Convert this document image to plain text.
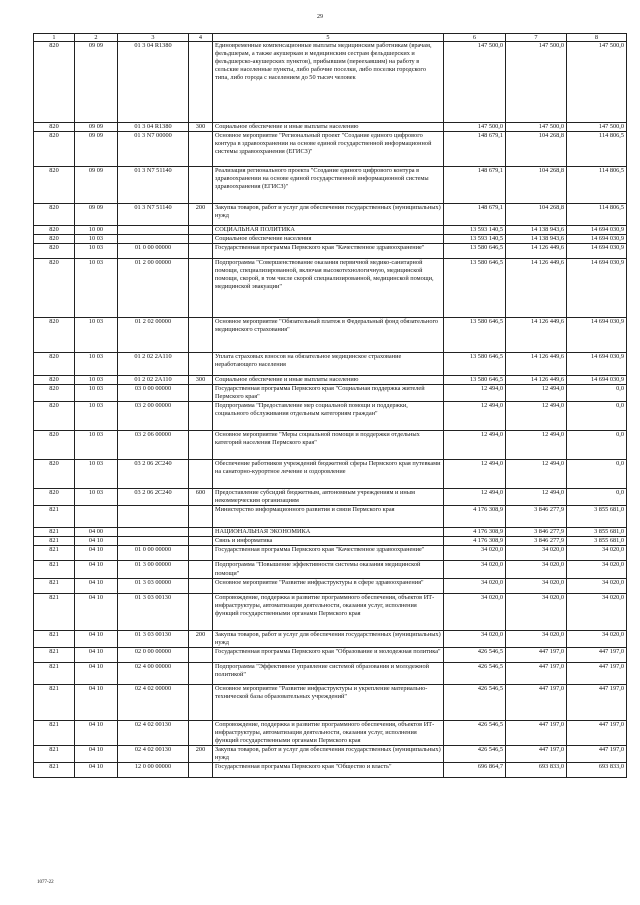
29
1	2	3	4	5	6	7	8
820	09 09	01 3 04 R1380		Единовременные компенсационные выплаты медицинским работникам (врачам, фельдшерам, а также акушеркам и медицинским сестрам фельдшерских и фельдшерско-акушерских пунктов), прибывшим (переехавшим) на работу в сельские населенные пункты, либо рабочие поселки, либо поселки городского типа, либо города с населением до 50 тысяч человек	147 500,0	147 500,0	147 500,0
820	09 09	01 3 04 R1380	300	Социальное обеспечение и иные выплаты населению	147 500,0	147 500,0	147 500,0
820	09 09	01 3 N7 00000		Основное мероприятие "Региональный проект "Создание единого цифрового контура в здравоохранении на основе единой государственной информационной системы здравоохранения (ЕГИСЗ)"	148 679,1	104 268,8	114 806,5
820	09 09	01 3 N7 51140		Реализация регионального проекта "Создание единого цифрового контура в здравоохранении на основе единой государственной информационной системы здравоохранения (ЕГИСЗ)"	148 679,1	104 268,8	114 806,5
820	09 09	01 3 N7 51140	200	Закупка товаров, работ и услуг для обеспечения государственных (муниципальных) нужд	148 679,1	104 268,8	114 806,5
820	10 00			СОЦИАЛЬНАЯ ПОЛИТИКА	13 593 140,5	14 138 943,6	14 694 030,9
820	10 03			Социальное обеспечение населения	13 593 140,5	14 138 943,6	14 694 030,9
820	10 03	01 0 00 00000		Государственная программа Пермского края "Качественное здравоохранение"	13 580 646,5	14 126 449,6	14 694 030,9
820	10 03	01 2 00 00000		Подпрограмма "Совершенствование оказания первичной медико-санитарной помощи, специализированной, включая высокотехнологичную, медицинской помощи, скорой, в том числе скорой специализированной, медицинской помощи, медицинской эвакуации"	13 580 646,5	14 126 449,6	14 694 030,9
820	10 03	01 2 02 00000		Основное мероприятие "Обязательный платеж в Федеральный фонд обязательного медицинского страхования"	13 580 646,5	14 126 449,6	14 694 030,9
820	10 03	01 2 02 2A110		Уплата страховых взносов на обязательное медицинское страхование неработающего населения	13 580 646,5	14 126 449,6	14 694 030,9
820	10 03	01 2 02 2A110	300	Социальное обеспечение и иные выплаты населению	13 580 646,5	14 126 449,6	14 694 030,9
820	10 03	03 0 00 00000		Государственная программа Пермского края "Социальная поддержка жителей Пермского края"	12 494,0	12 494,0	0,0
820	10 03	03 2 00 00000		Подпрограмма "Предоставление мер социальной помощи и поддержки, социального обслуживания отдельным категориям граждан"	12 494,0	12 494,0	0,0
820	10 03	03 2 06 00000		Основное мероприятие "Меры социальной помощи и поддержки отдельных категорий населения Пермского края"	12 494,0	12 494,0	0,0
820	10 03	03 2 06 2C240		Обеспечение работников учреждений бюджетной сферы Пермского края путевками на санаторно-курортное лечение и оздоровление	12 494,0	12 494,0	0,0
820	10 03	03 2 06 2C240	600	Предоставление субсидий бюджетным, автономным учреждениям и иным некоммерческим организациям	12 494,0	12 494,0	0,0
821				Министерство информационного развития и связи Пермского края	4 176 308,9	3 846 277,9	3 855 681,0
821	04 00			НАЦИОНАЛЬНАЯ ЭКОНОМИКА	4 176 308,9	3 846 277,9	3 855 681,0
821	04 10			Связь и информатика	4 176 308,9	3 846 277,9	3 855 681,0
821	04 10	01 0 00 00000		Государственная программа Пермского края "Качественное здравоохранение"	34 020,0	34 020,0	34 020,0
821	04 10	01 3 00 00000		Подпрограмма "Повышение эффективности системы оказания медицинской помощи"	34 020,0	34 020,0	34 020,0
821	04 10	01 3 03 00000		Основное мероприятие "Развитие инфраструктуры в сфере здравоохранения"	34 020,0	34 020,0	34 020,0
821	04 10	01 3 03 00130		Сопровождение, поддержка и развитие программного обеспечения, объектов ИТ-инфраструктуры, автоматизация деятельности, оказания услуг, исполнения функций государственными органами Пермского края	34 020,0	34 020,0	34 020,0
821	04 10	01 3 03 00130	200	Закупка товаров, работ и услуг для обеспечения государственных (муниципальных) нужд	34 020,0	34 020,0	34 020,0
821	04 10	02 0 00 00000		Государственная программа Пермского края "Образование и молодежная политика"	426 546,5	447 197,0	447 197,0
821	04 10	02 4 00 00000		Подпрограмма "Эффективное управление системой образования и молодежной политикой"	426 546,5	447 197,0	447 197,0
821	04 10	02 4 02 00000		Основное мероприятие "Развитие инфраструктуры и укрепление материально-технической базы образовательных учреждений"	426 546,5	447 197,0	447 197,0
821	04 10	02 4 02 00130		Сопровождение, поддержка и развитие программного обеспечения, объектов ИТ-инфраструктуры, автоматизация деятельности, оказания услуг, исполнения функций государственными органами Пермского края	426 546,5	447 197,0	447 197,0
821	04 10	02 4 02 00130	200	Закупка товаров, работ и услуг для обеспечения государственных (муниципальных) нужд	426 546,5	447 197,0	447 197,0
821	04 10	12 0 00 00000		Государственная программа Пермского края "Общество и власть"	696 864,7	693 833,0	693 833,0
1077-22
